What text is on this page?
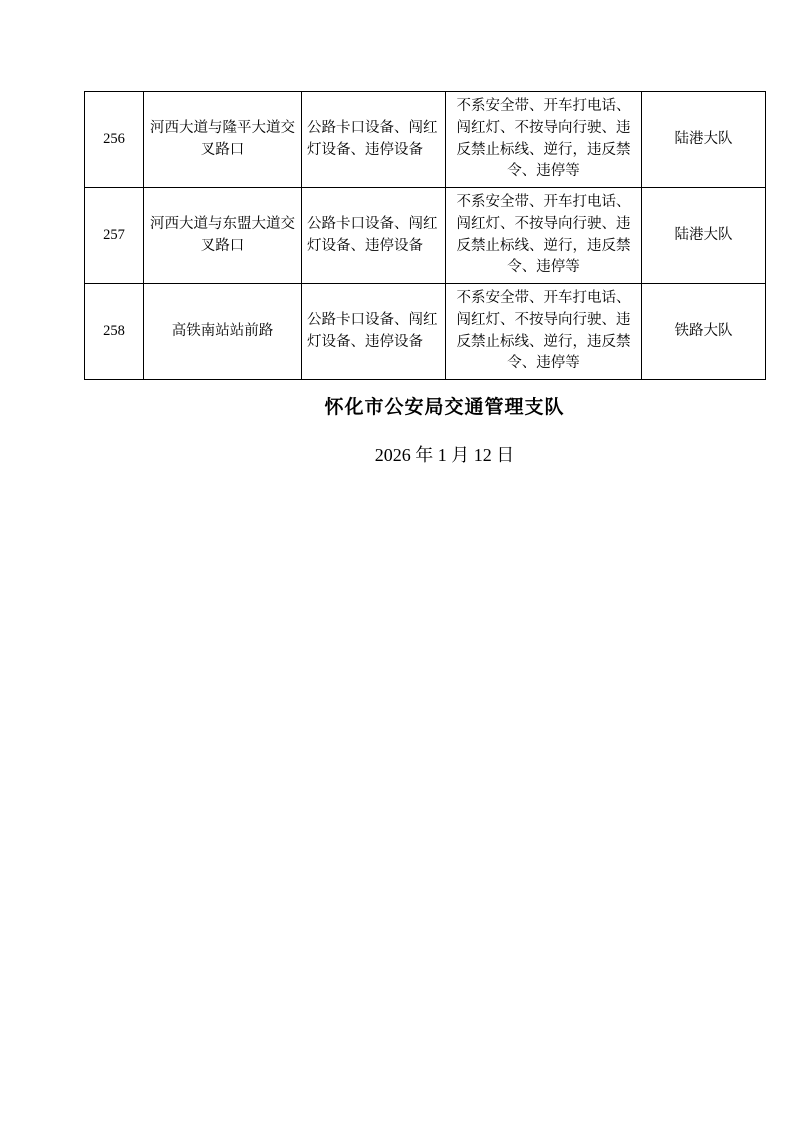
256	河西大道与隆平大道交叉路口	公路卡口设备、闯红灯设备、违停设备	不系安全带、开车打电话、闯红灯、不按导向行驶、违反禁止标线、逆行，违反禁令、违停等	陆港大队
257	河西大道与东盟大道交叉路口	公路卡口设备、闯红灯设备、违停设备	不系安全带、开车打电话、闯红灯、不按导向行驶、违反禁止标线、逆行，违反禁令、违停等	陆港大队
258	高铁南站站前路	公路卡口设备、闯红灯设备、违停设备	不系安全带、开车打电话、闯红灯、不按导向行驶、违反禁止标线、逆行，违反禁令、违停等	铁路大队
怀化市公安局交通管理支队
2026 年 1 月 12 日
